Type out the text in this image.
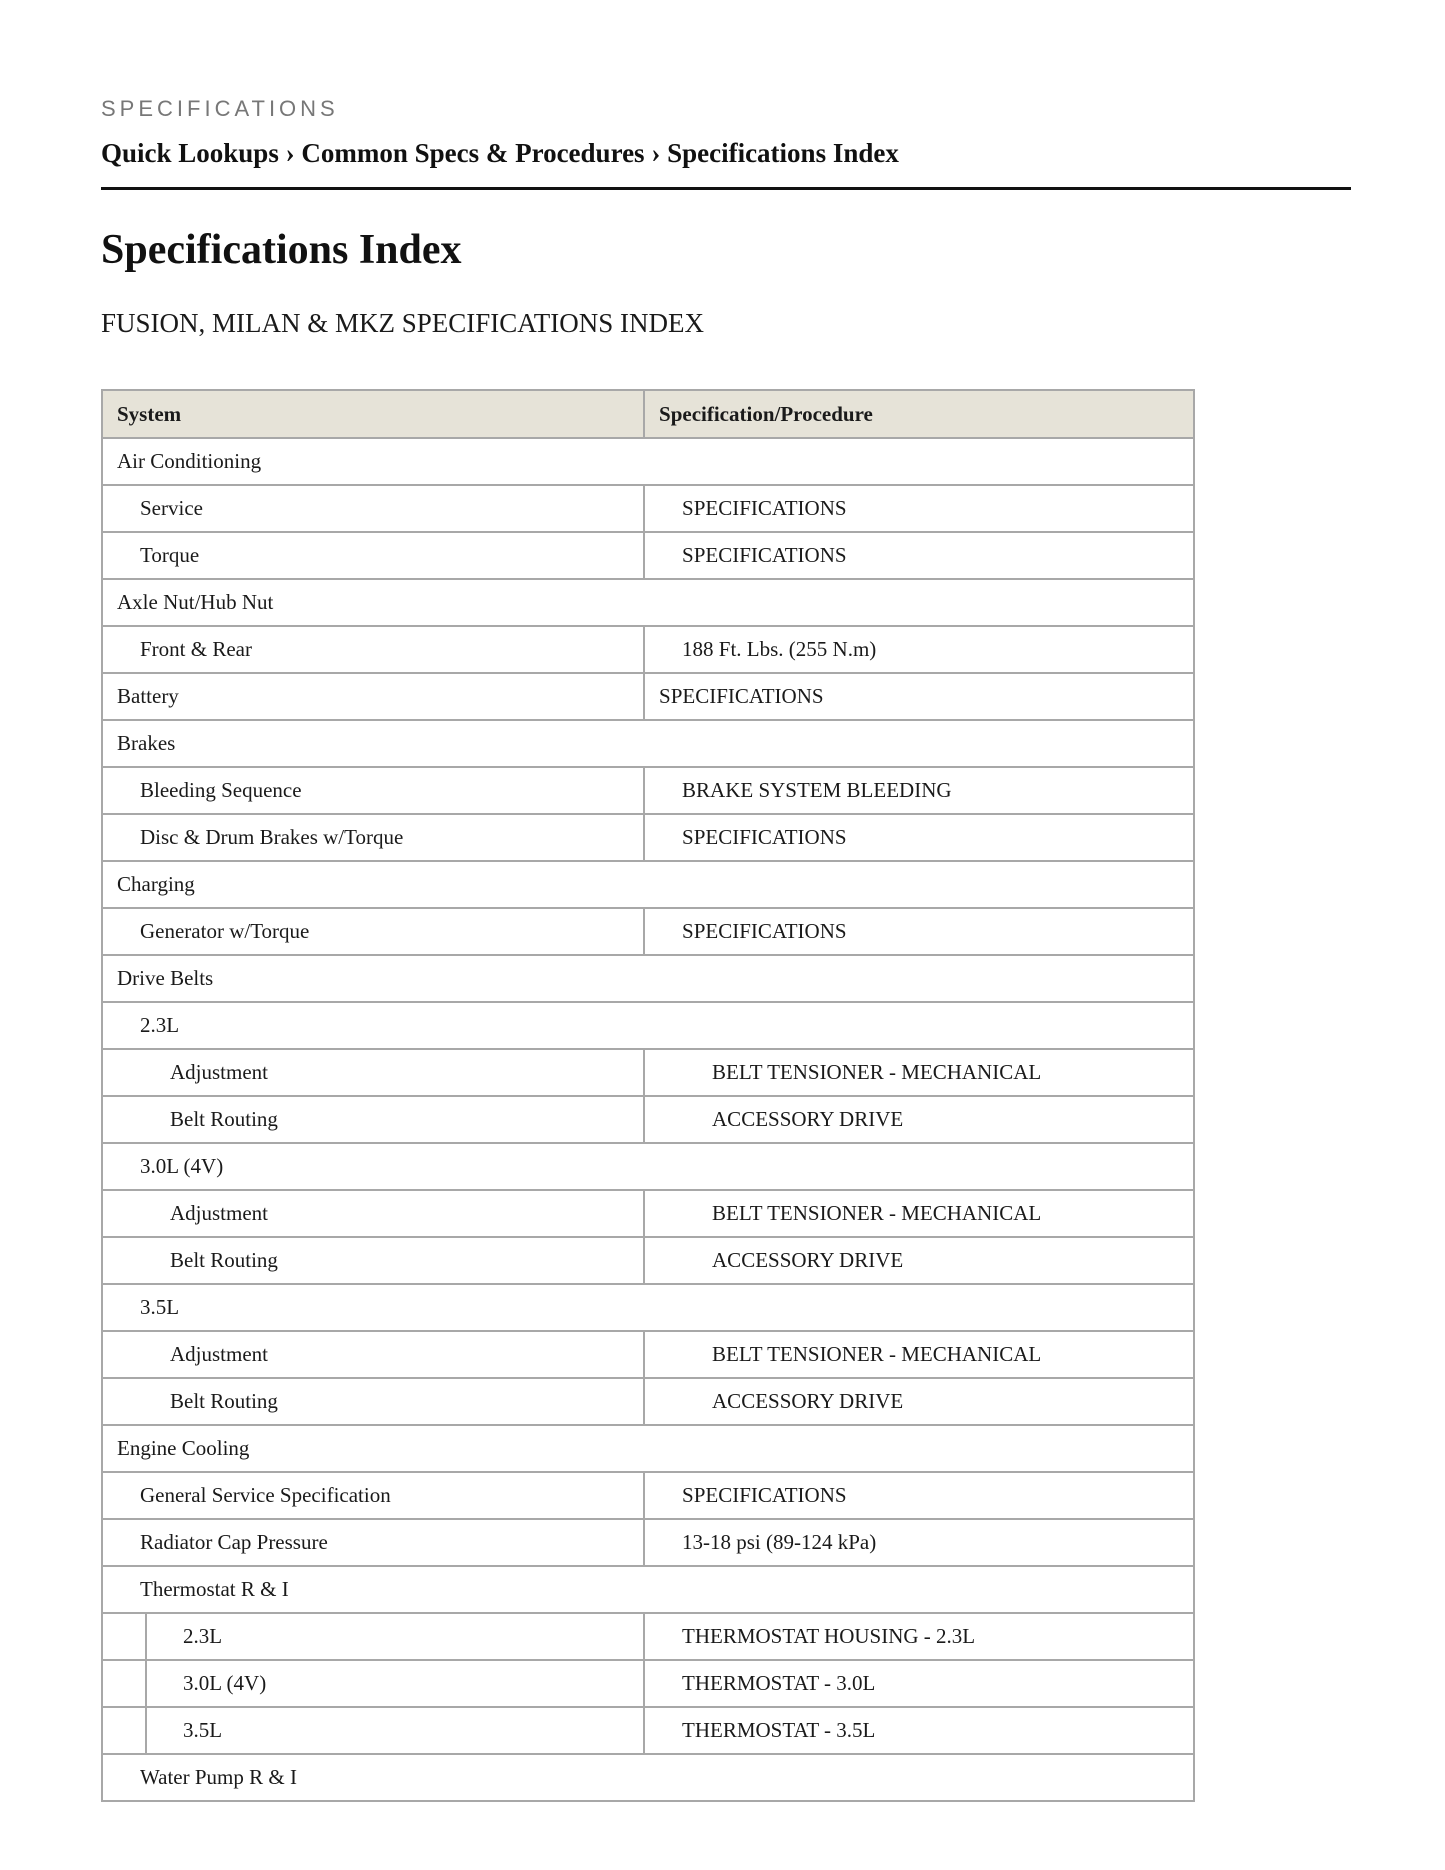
SPECIFICATIONS
Quick Lookups › Common Specs & Procedures › Specifications Index
Specifications Index
FUSION, MILAN & MKZ SPECIFICATIONS INDEX
System		Specification/Procedure
Air Conditioning		
Service		SPECIFICATIONS
Torque		SPECIFICATIONS
Axle Nut/Hub Nut		
Front & Rear		188 Ft. Lbs. (255 N.m)
Battery		SPECIFICATIONS
Brakes		
Bleeding Sequence		BRAKE SYSTEM BLEEDING
Disc & Drum Brakes w/Torque		SPECIFICATIONS
Charging		
Generator w/Torque		SPECIFICATIONS
Drive Belts		
2.3L		
Adjustment		BELT TENSIONER - MECHANICAL
Belt Routing		ACCESSORY DRIVE
3.0L (4V)		
Adjustment		BELT TENSIONER - MECHANICAL
Belt Routing		ACCESSORY DRIVE
3.5L		
Adjustment		BELT TENSIONER - MECHANICAL
Belt Routing		ACCESSORY DRIVE
Engine Cooling		
General Service Specification		SPECIFICATIONS
Radiator Cap Pressure		13-18 psi (89-124 kPa)
Thermostat R & I		
	2.3L	THERMOSTAT HOUSING - 2.3L
	3.0L (4V)	THERMOSTAT - 3.0L
	3.5L	THERMOSTAT - 3.5L
Water Pump R & I		
